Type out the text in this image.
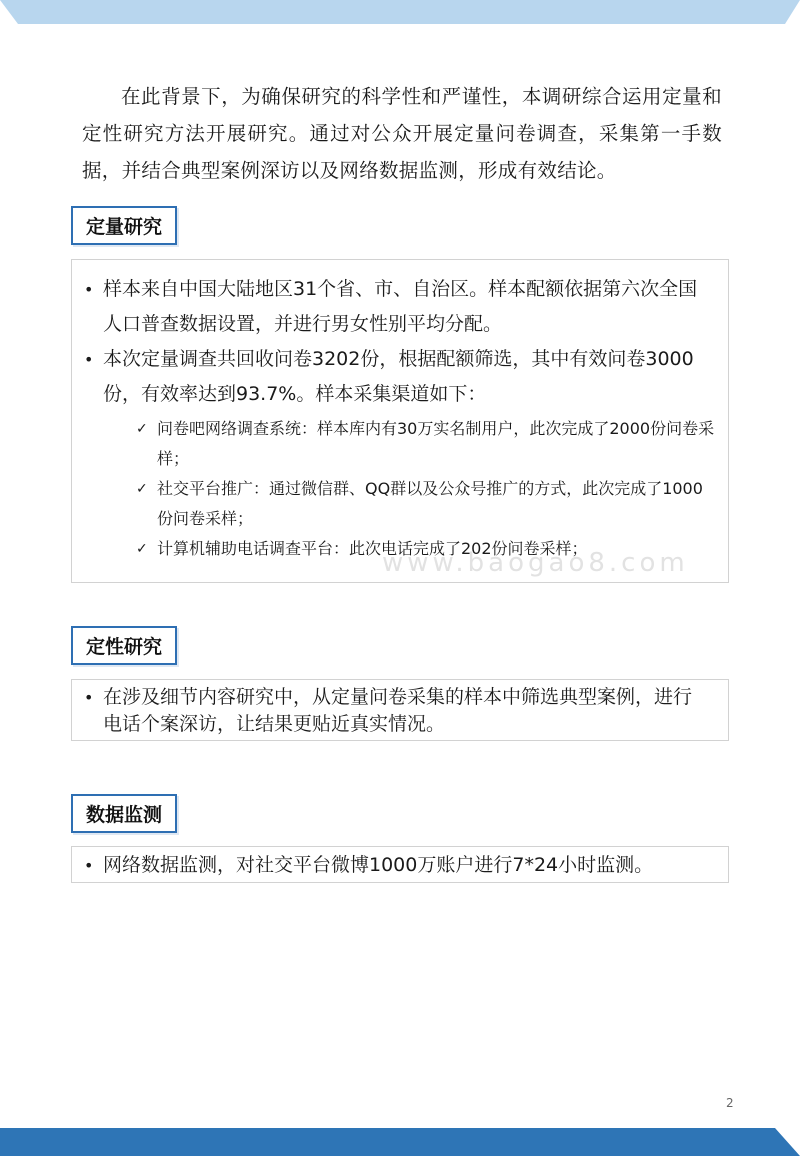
在此背景下，为确保研究的科学性和严谨性，本调研综合运用定量和定性研究方法开展研究。通过对公众开展定量问卷调查，采集第一手数据，并结合典型案例深访以及网络数据监测，形成有效结论。

定量研究
• 样本来自中国大陆地区31个省、市、自治区。样本配额依据第六次全国人口普查数据设置，并进行男女性别平均分配。
• 本次定量调查共回收问卷3202份，根据配额筛选，其中有效问卷3000份，有效率达到93.7%。样本采集渠道如下：
✓ 问卷吧网络调查系统：样本库内有30万实名制用户，此次完成了2000份问卷采样；
✓ 社交平台推广：通过微信群、QQ群以及公众号推广的方式，此次完成了1000份问卷采样；
✓ 计算机辅助电话调查平台：此次电话完成了202份问卷采样；
www.baogao8.com
定性研究
• 在涉及细节内容研究中，从定量问卷采集的样本中筛选典型案例，进行电话个案深访，让结果更贴近真实情况。
数据监测
• 网络数据监测，对社交平台微博1000万账户进行7*24小时监测。
2
